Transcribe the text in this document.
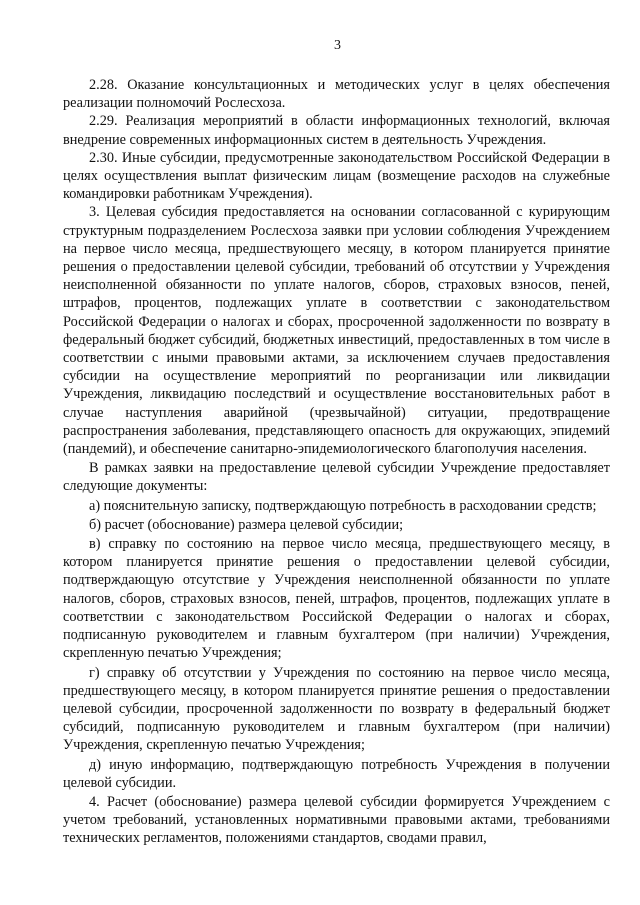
3

2.28. Оказание консультационных и методических услуг в целях обеспечения реализации полномочий Рослесхоза.

2.29. Реализация мероприятий в области информационных технологий, включая внедрение современных информационных систем в деятельность Учреждения.

2.30. Иные субсидии, предусмотренные законодательством Российской Федерации в целях осуществления выплат физическим лицам (возмещение расходов на служебные командировки работникам Учреждения).

3. Целевая субсидия предоставляется на основании согласованной с курирующим структурным подразделением Рослесхоза заявки при условии соблюдения Учреждением на первое число месяца, предшествующего месяцу, в котором планируется принятие решения о предоставлении целевой субсидии, требований об отсутствии у Учреждения неисполненной обязанности по уплате налогов, сборов, страховых взносов, пеней, штрафов, процентов, подлежащих уплате в соответствии с законодательством Российской Федерации о налогах и сборах, просроченной задолженности по возврату в федеральный бюджет субсидий, бюджетных инвестиций, предоставленных в том числе в соответствии с иными правовыми актами, за исключением случаев предоставления субсидии на осуществление мероприятий по реорганизации или ликвидации Учреждения, ликвидацию последствий и осуществление восстановительных работ в случае наступления аварийной (чрезвычайной) ситуации, предотвращение распространения заболевания, представляющего опасность для окружающих, эпидемий (пандемий), и обеспечение санитарно-эпидемиологического благополучия населения.

В рамках заявки на предоставление целевой субсидии Учреждение предоставляет следующие документы:

а) пояснительную записку, подтверждающую потребность в расходовании средств;

б) расчет (обоснование) размера целевой субсидии;

в) справку по состоянию на первое число месяца, предшествующего месяцу, в котором планируется принятие решения о предоставлении целевой субсидии, подтверждающую отсутствие у Учреждения неисполненной обязанности по уплате налогов, сборов, страховых взносов, пеней, штрафов, процентов, подлежащих уплате в соответствии с законодательством Российской Федерации о налогах и сборах, подписанную руководителем и главным бухгалтером (при наличии) Учреждения, скрепленную печатью Учреждения;

г) справку об отсутствии у Учреждения по состоянию на первое число месяца, предшествующего месяцу, в котором планируется принятие решения о предоставлении целевой субсидии, просроченной задолженности по возврату в федеральный бюджет субсидий, подписанную руководителем и главным бухгалтером (при наличии) Учреждения, скрепленную печатью Учреждения;

д) иную информацию, подтверждающую потребность Учреждения в получении целевой субсидии.

4. Расчет (обоснование) размера целевой субсидии формируется Учреждением с учетом требований, установленных нормативными правовыми актами, требованиями технических регламентов, положениями стандартов, сводами правил,
